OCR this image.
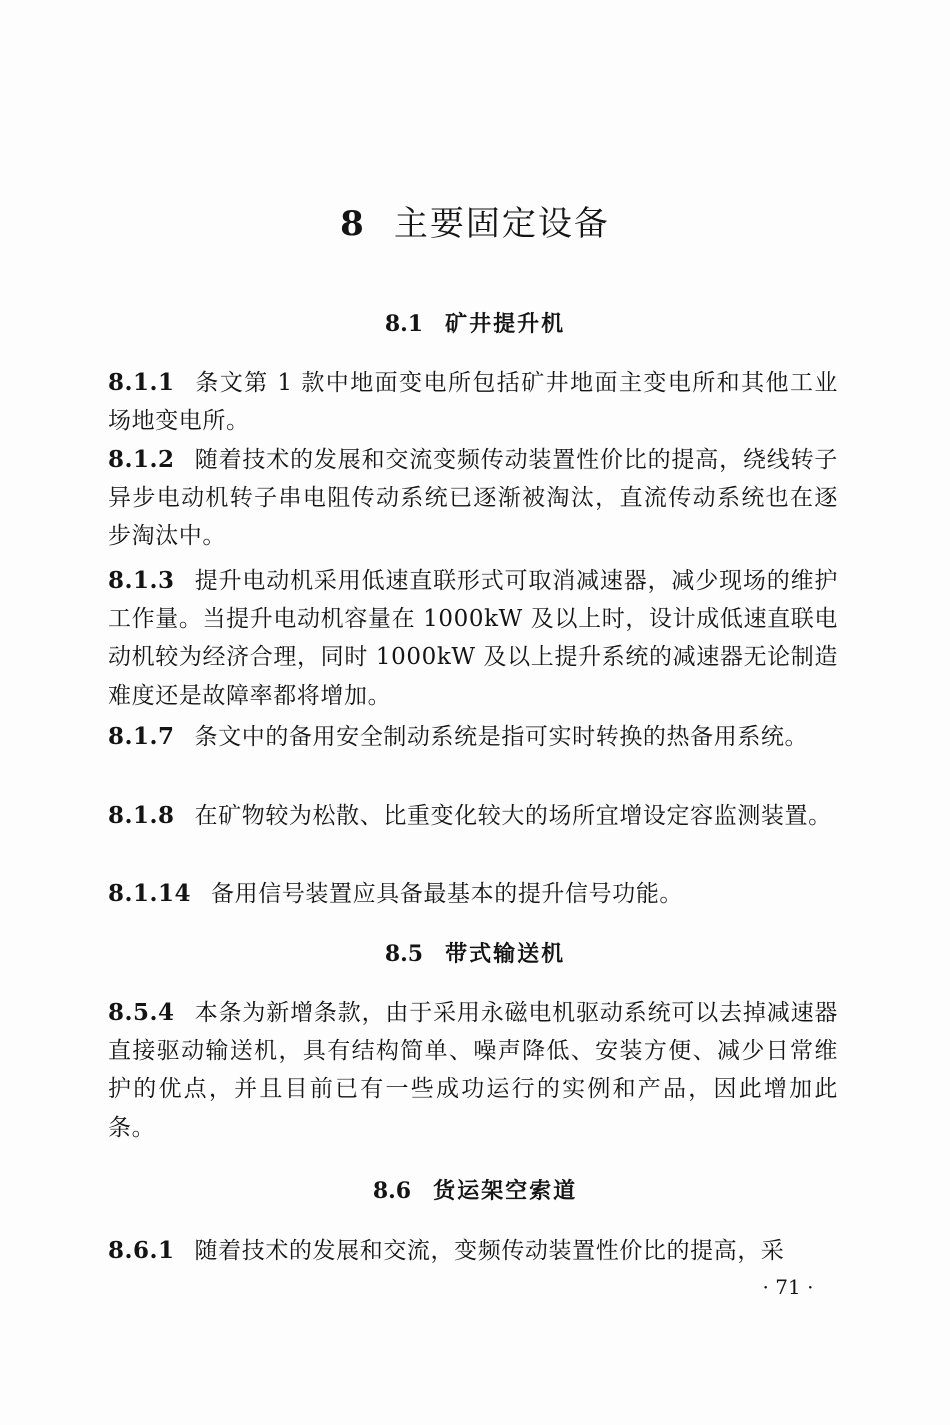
8 主要固定设备
8.1 矿井提升机
8.1.1 条文第 1 款中地面变电所包括矿井地面主变电所和其他工业场地变电所。
8.1.2 随着技术的发展和交流变频传动装置性价比的提高，绕线转子异步电动机转子串电阻传动系统已逐渐被淘汰，直流传动系统也在逐步淘汰中。
8.1.3 提升电动机采用低速直联形式可取消减速器，减少现场的维护工作量。当提升电动机容量在 1000kW 及以上时，设计成低速直联电动机较为经济合理，同时 1000kW 及以上提升系统的减速器无论制造难度还是故障率都将增加。
8.1.7 条文中的备用安全制动系统是指可实时转换的热备用系统。
8.1.8 在矿物较为松散、比重变化较大的场所宜增设定容监测装置。
8.1.14 备用信号装置应具备最基本的提升信号功能。
8.5 带式输送机
8.5.4 本条为新增条款，由于采用永磁电机驱动系统可以去掉减速器直接驱动输送机，具有结构简单、噪声降低、安装方便、减少日常维护的优点，并且目前已有一些成功运行的实例和产品，因此增加此条。
8.6 货运架空索道
8.6.1 随着技术的发展和交流，变频传动装置性价比的提高，采
· 71 ·
